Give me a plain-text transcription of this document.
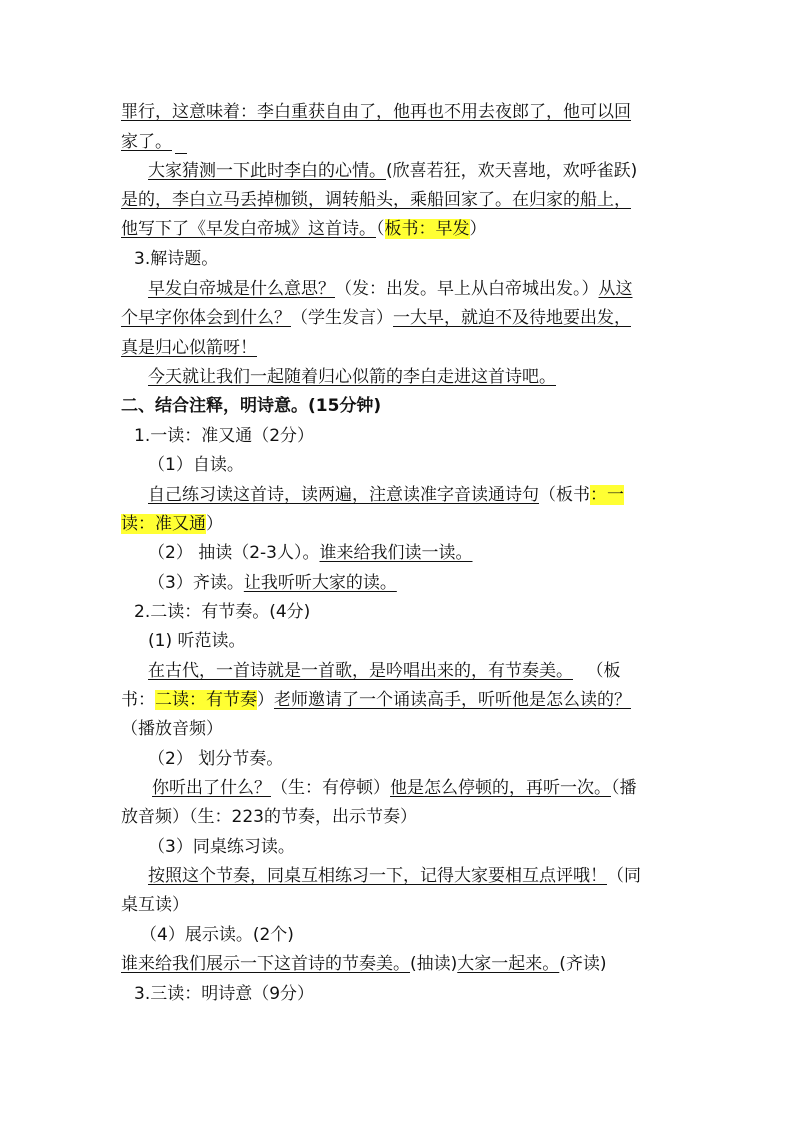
罪行，这意味着：李白重获自由了，他再也不用去夜郎了，他可以回
家了。
大家猜测一下此时李白的心情。(欣喜若狂，欢天喜地，欢呼雀跃)
是的，李白立马丢掉枷锁，调转船头，乘船回家了。在归家的船上，
他写下了《早发白帝城》这首诗。（板书：早发）
3.解诗题。
早发白帝城是什么意思？（发：出发。早上从白帝城出发。）从这
个早字你体会到什么？（学生发言）一大早，就迫不及待地要出发，
真是归心似箭呀！
今天就让我们一起随着归心似箭的李白走进这首诗吧。
二、结合注释，明诗意。(15分钟)
1.一读：准又通（2分）
（1）自读。
自己练习读这首诗，读两遍，注意读准字音读通诗句（板书：一
读：准又通）
（2） 抽读（2-3人）。谁来给我们读一读。
（3）齐读。让我听听大家的读。
2.二读：有节奏。(4分)
(1) 听范读。
在古代，一首诗就是一首歌，是吟唱出来的，有节奏美。 （板
书：二读：有节奏）老师邀请了一个诵读高手，听听他是怎么读的？
（播放音频）
（2） 划分节奏。
你听出了什么？（生：有停顿）他是怎么停顿的，再听一次。（播
放音频）（生：223的节奏，出示节奏）
（3）同桌练习读。
按照这个节奏，同桌互相练习一下，记得大家要相互点评哦！（同
桌互读）
（4）展示读。(2个)
谁来给我们展示一下这首诗的节奏美。(抽读)大家一起来。(齐读)
3.三读：明诗意（9分）
